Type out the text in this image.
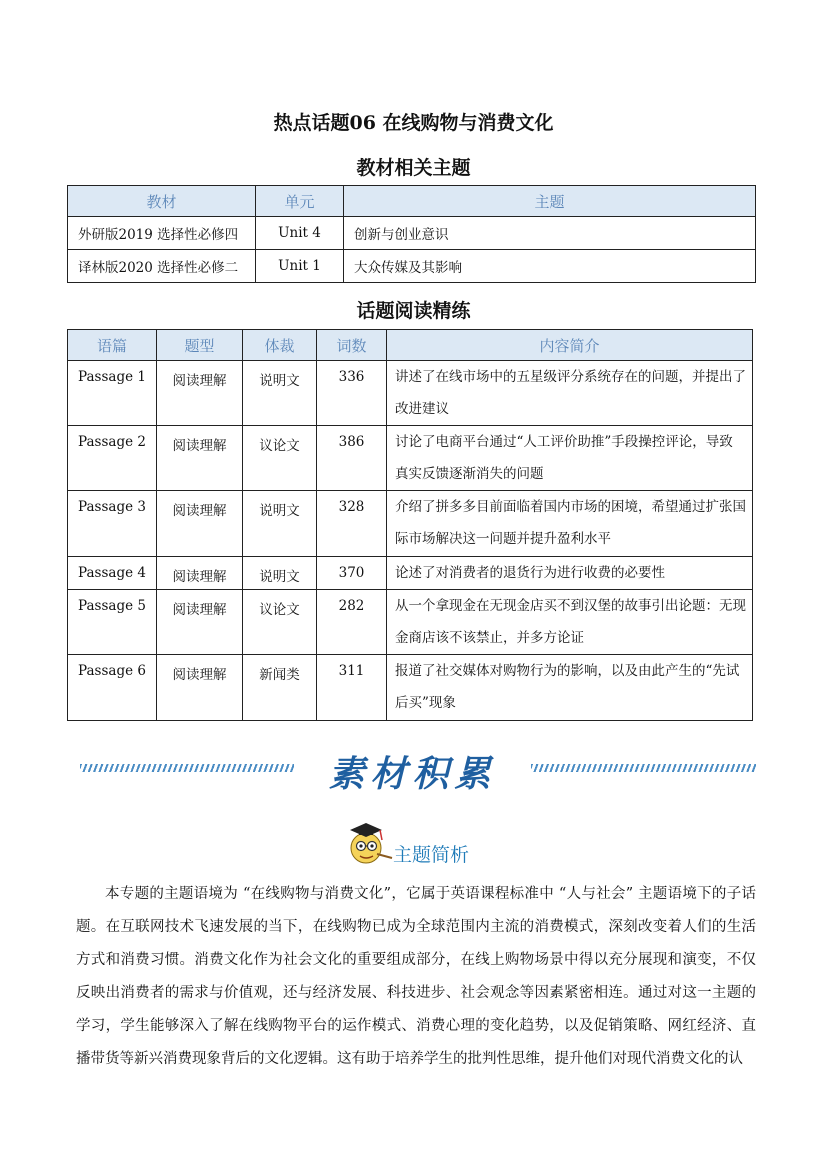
热点话题06 在线购物与消费文化
教材相关主题
教材	单元	主题
外研版2019 选择性必修四	Unit 4	创新与创业意识
译林版2020 选择性必修二	Unit 1	大众传媒及其影响
话题阅读精练
语篇	题型	体裁	词数	内容简介
Passage 1	阅读理解	说明文	336	讲述了在线市场中的五星级评分系统存在的问题，并提出了改进建议
Passage 2	阅读理解	议论文	386	讨论了电商平台通过“人工评价助推”手段操控评论，导致真实反馈逐渐消失的问题
Passage 3	阅读理解	说明文	328	介绍了拼多多目前面临着国内市场的困境，希望通过扩张国际市场解决这一问题并提升盈利水平
Passage 4	阅读理解	说明文	370	论述了对消费者的退货行为进行收费的必要性
Passage 5	阅读理解	议论文	282	从一个拿现金在无现金店买不到汉堡的故事引出论题：无现金商店该不该禁止，并多方论证
Passage 6	阅读理解	新闻类	311	报道了社交媒体对购物行为的影响，以及由此产生的“先试后买”现象
素材积累
主题简析

本专题的主题语境为 “在线购物与消费文化”，它属于英语课程标准中 “人与社会” 主题语境下的子话题。在互联网技术飞速发展的当下，在线购物已成为全球范围内主流的消费模式，深刻改变着人们的生活方式和消费习惯。消费文化作为社会文化的重要组成部分，在线上购物场景中得以充分展现和演变，不仅反映出消费者的需求与价值观，还与经济发展、科技进步、社会观念等因素紧密相连。通过对这一主题的学习，学生能够深入了解在线购物平台的运作模式、消费心理的变化趋势，以及促销策略、网红经济、直播带货等新兴消费现象背后的文化逻辑。这有助于培养学生的批判性思维，提升他们对现代消费文化的认
